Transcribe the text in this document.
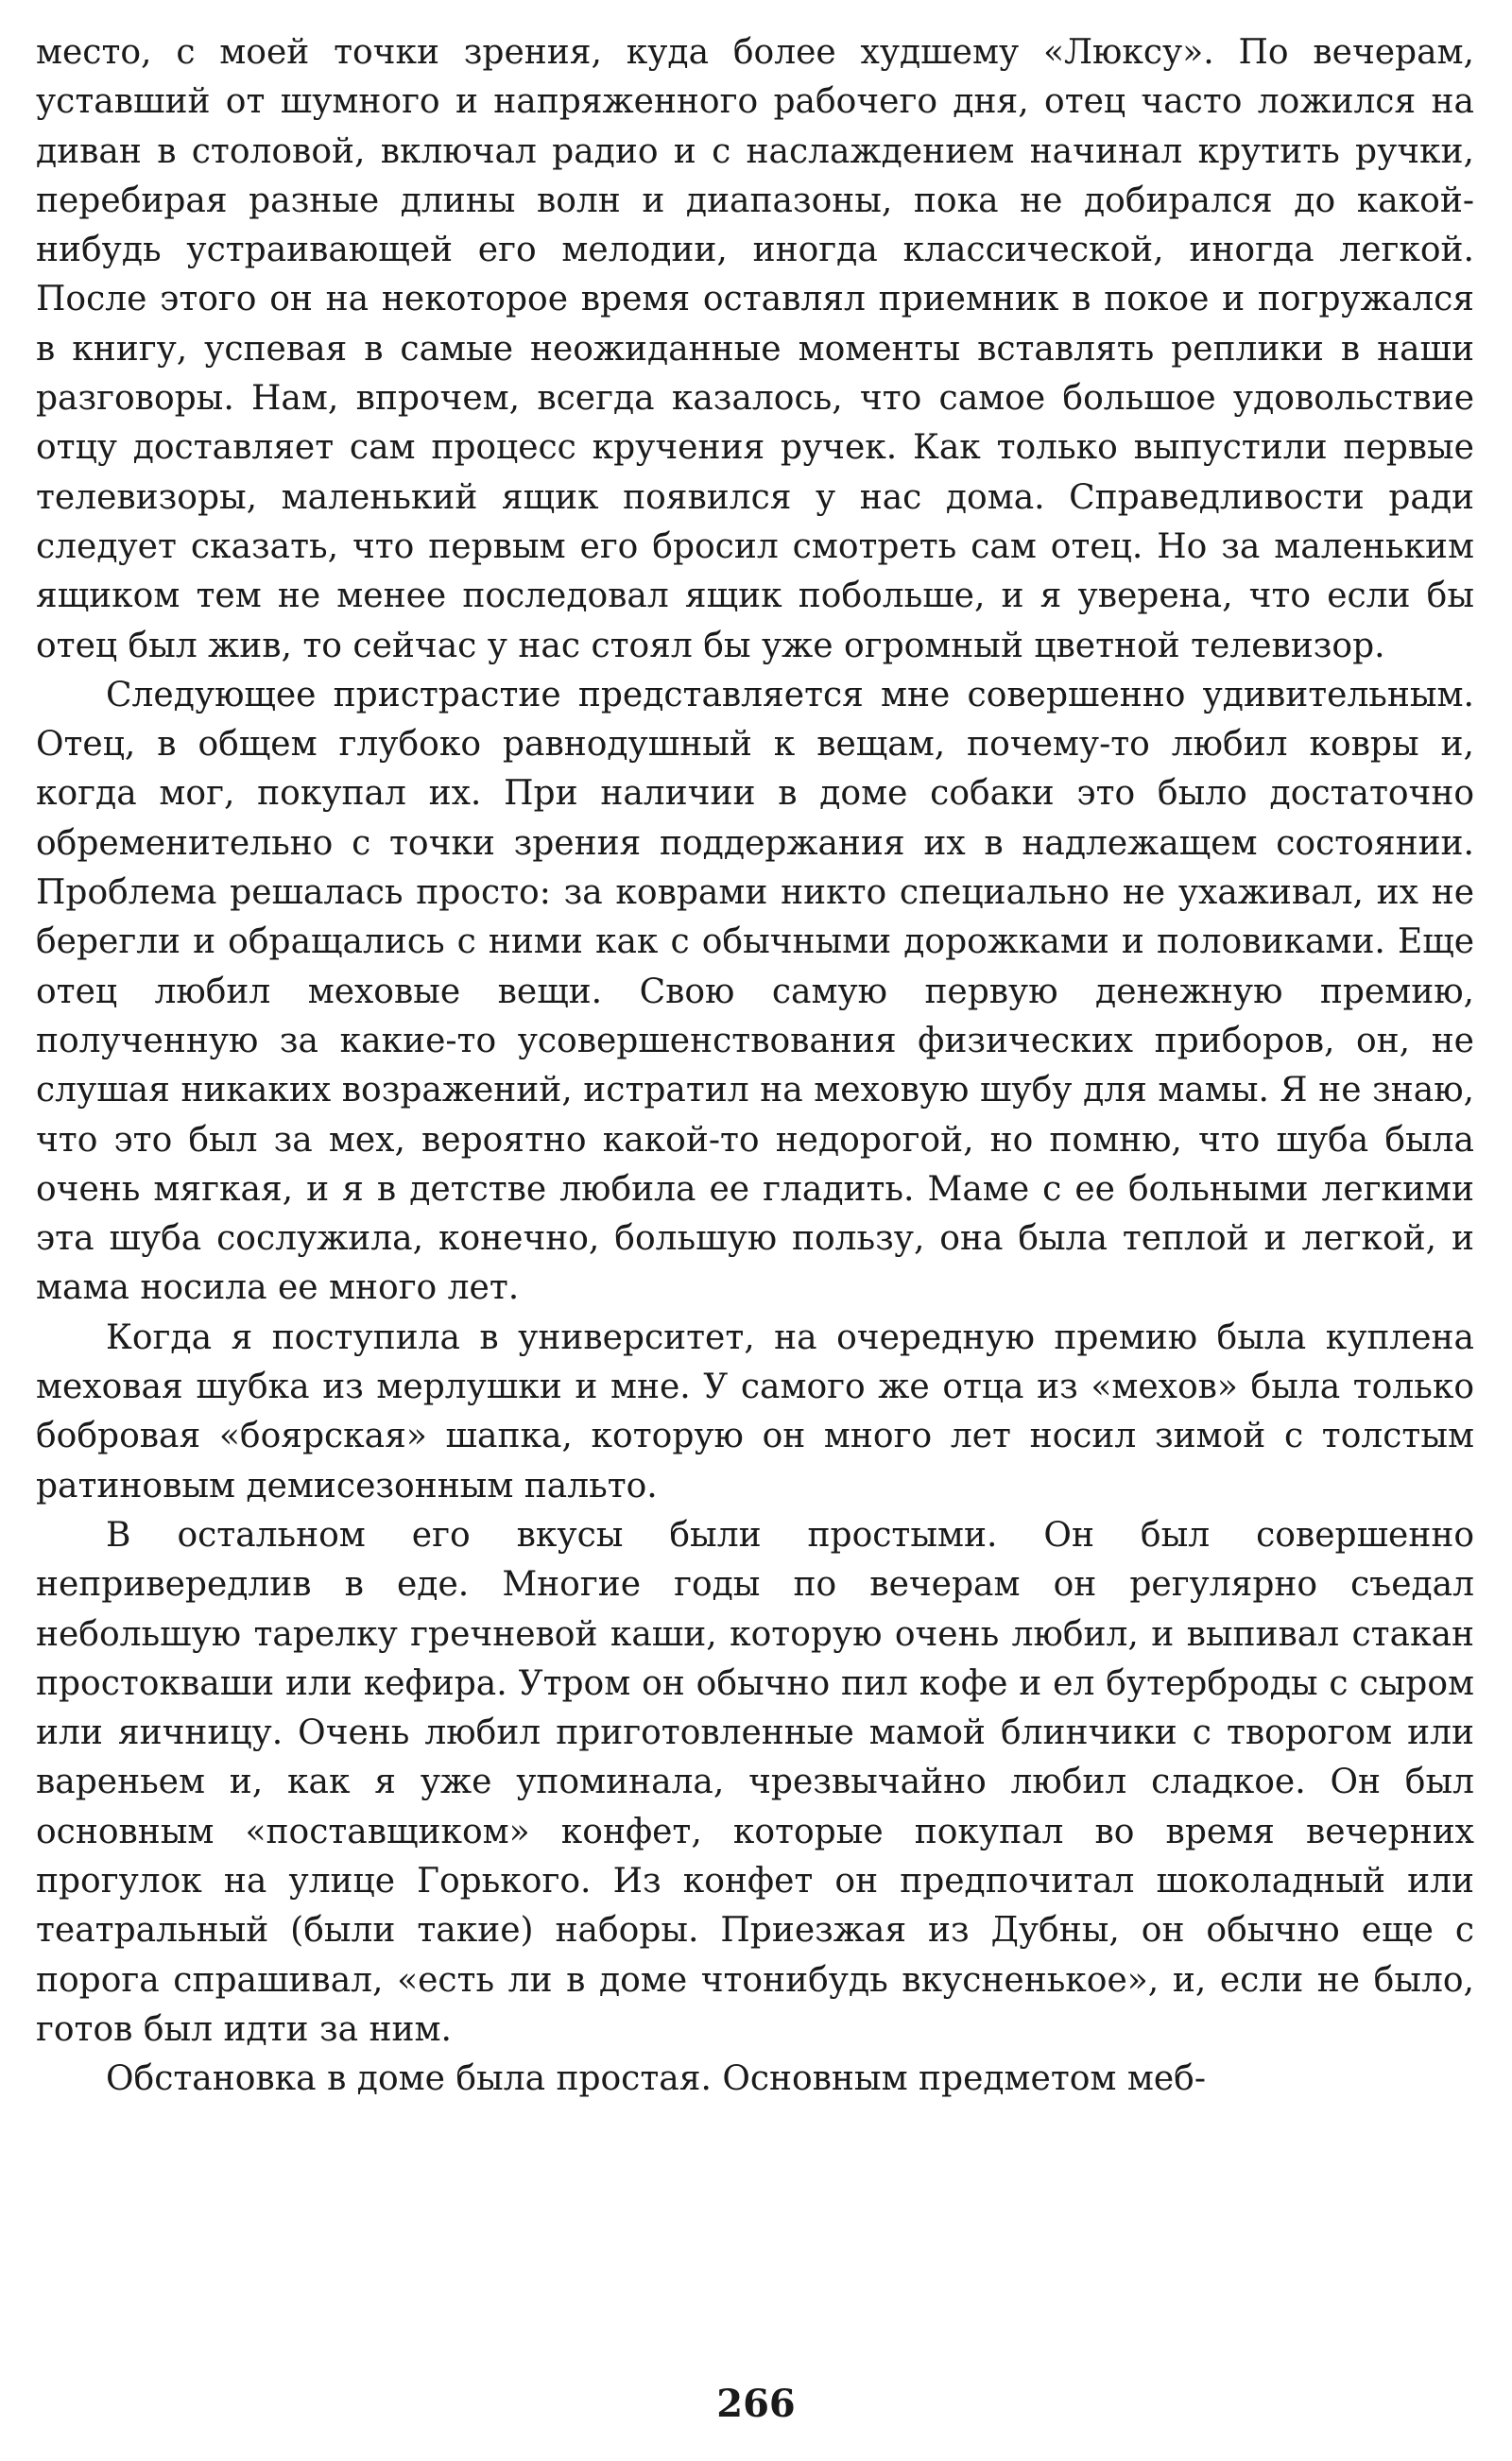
место, с моей точки зрения, куда более худшему «Люксу». По вечерам, уставший от шумного и напряженного рабочего дня, отец часто ложился на диван в столовой, включал радио и с наслаждением начинал крутить ручки, перебирая разные длины волн и диапазоны, пока не добирался до какой-нибудь устраивающей его мелодии, иногда классической, иногда легкой. После этого он на некоторое время оставлял приемник в покое и погружался в книгу, успевая в самые неожиданные моменты вставлять реплики в наши разговоры. Нам, впрочем, всегда казалось, что самое большое удовольствие отцу доставляет сам процесс кручения ручек. Как только выпустили первые телевизоры, маленький ящик появился у нас дома. Справедливости ради следует сказать, что первым его бросил смотреть сам отец. Но за маленьким ящиком тем не менее последовал ящик побольше, и я уверена, что если бы отец был жив, то сейчас у нас стоял бы уже огромный цветной телевизор.

Следующее пристрастие представляется мне совершенно удивительным. Отец, в общем глубоко равнодушный к вещам, почему-то любил ковры и, когда мог, покупал их. При наличии в доме собаки это было достаточно обременительно с точки зрения поддержания их в надлежащем состоянии. Проблема решалась просто: за коврами никто специально не ухаживал, их не берегли и обращались с ними как с обычными дорожками и половиками. Еще отец любил меховые вещи. Свою самую первую денежную премию, полученную за какие-то усовершенствования физических приборов, он, не слушая никаких возражений, истратил на меховую шубу для мамы. Я не знаю, что это был за мех, вероятно какой-то недорогой, но помню, что шуба была очень мягкая, и я в детстве любила ее гладить. Маме с ее больными легкими эта шуба сослужила, конечно, большую пользу, она была теплой и легкой, и мама носила ее много лет.

Когда я поступила в университет, на очередную премию была куплена меховая шубка из мерлушки и мне. У самого же отца из «мехов» была только бобровая «боярская» шапка, которую он много лет носил зимой с толстым ратиновым демисезонным пальто.

В остальном его вкусы были простыми. Он был совершенно непривередлив в еде. Многие годы по вечерам он регулярно съедал небольшую тарелку гречневой каши, которую очень любил, и выпивал стакан простокваши или кефира. Утром он обычно пил кофе и ел бутерброды с сыром или яичницу. Очень любил приготовленные мамой блинчики с творогом или вареньем и, как я уже упоминала, чрезвычайно любил сладкое. Он был основным «поставщиком» конфет, которые покупал во время вечерних прогулок на улице Горького. Из конфет он предпочитал шоколадный или театральный (были такие) наборы. Приезжая из Дубны, он обычно еще с порога спрашивал, «есть ли в доме чтонибудь вкусненькое», и, если не было, готов был идти за ним.

Обстановка в доме была простая. Основным предметом меб-

266
